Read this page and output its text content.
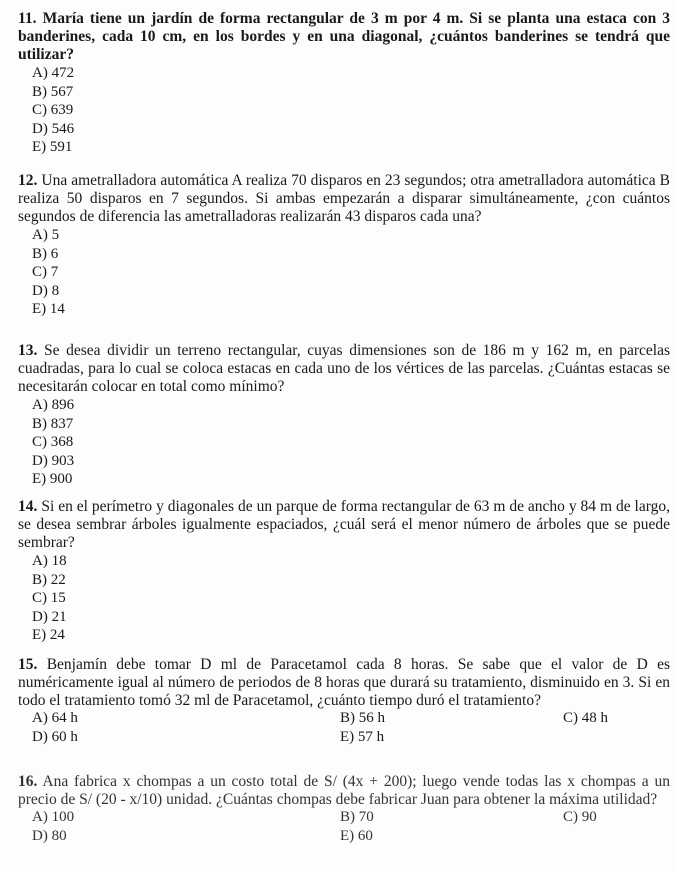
11. María tiene un jardín de forma rectangular de 3 m por 4 m. Si se planta una estaca con 3 banderines, cada 10 cm, en los bordes y en una diagonal, ¿cuántos banderines se tendrá que utilizar?

A) 472
B) 567
C) 639
D) 546
E) 591

12. Una ametralladora automática A realiza 70 disparos en 23 segundos; otra ametralladora automática B realiza 50 disparos en 7 segundos. Si ambas empezarán a disparar simultáneamente, ¿con cuántos segundos de diferencia las ametralladoras realizarán 43 disparos cada una?

A) 5
B) 6
C) 7
D) 8
E) 14

13. Se desea dividir un terreno rectangular, cuyas dimensiones son de 186 m y 162 m, en parcelas cuadradas, para lo cual se coloca estacas en cada uno de los vértices de las parcelas. ¿Cuántas estacas se necesitarán colocar en total como mínimo?

A) 896
B) 837
C) 368
D) 903
E) 900

14. Si en el perímetro y diagonales de un parque de forma rectangular de 63 m de ancho y 84 m de largo, se desea sembrar árboles igualmente espaciados, ¿cuál será el menor número de árboles que se puede sembrar?

A) 18
B) 22
C) 15
D) 21
E) 24

15. Benjamín debe tomar D ml de Paracetamol cada 8 horas. Se sabe que el valor de D es numéricamente igual al número de periodos de 8 horas que durará su tratamiento, disminuido en 3. Si en todo el tratamiento tomó 32 ml de Paracetamol, ¿cuánto tiempo duró el tratamiento?

A) 64 h	B) 56 h	C) 48 h
D) 60 h	E) 57 h

16. Ana fabrica x chompas a un costo total de S/ (4x + 200); luego vende todas las x chompas a un precio de S/ (20 - x/10) unidad. ¿Cuántas chompas debe fabricar Juan para obtener la máxima utilidad?

A) 100	B) 70	C) 90
D) 80	E) 60
